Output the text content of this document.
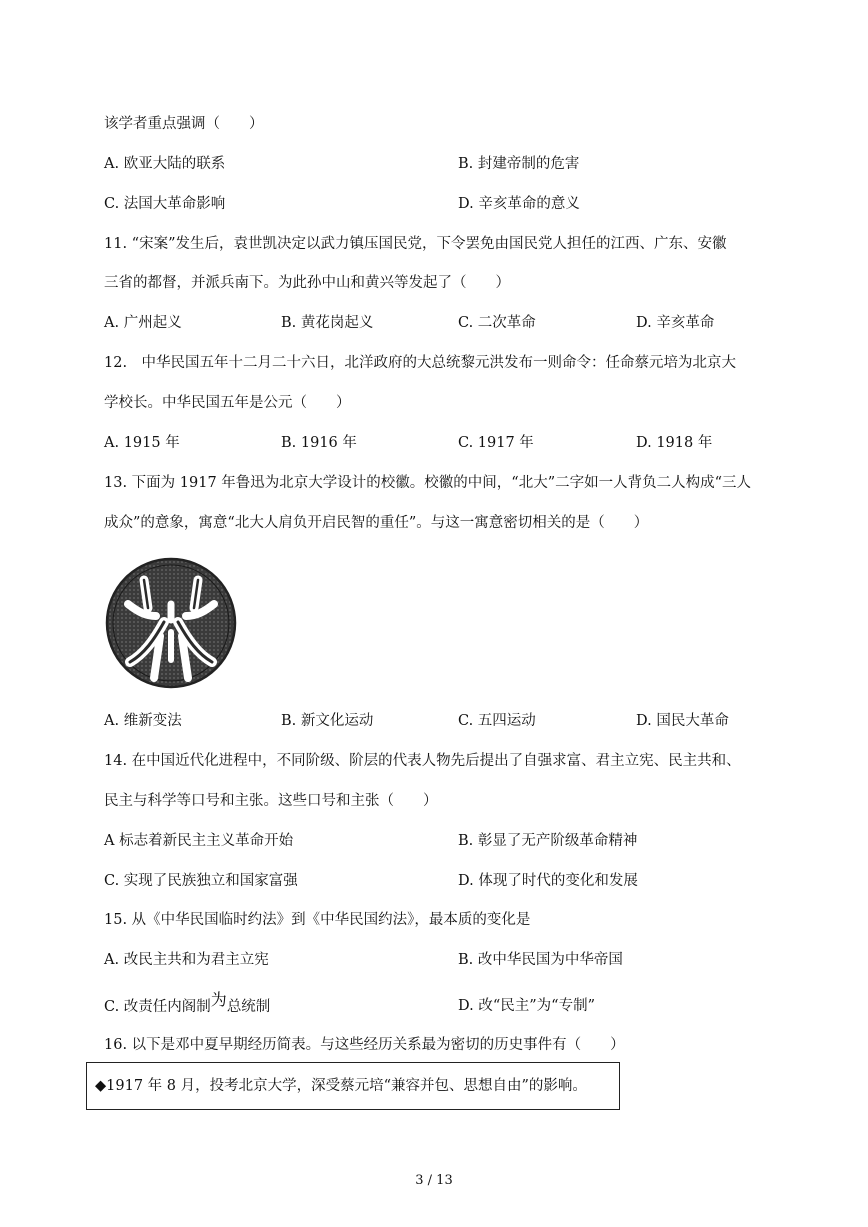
该学者重点强调（　　）
A. 欧亚大陆的联系	B. 封建帝制的危害
C. 法国大革命影响	D. 辛亥革命的意义
11. “宋案”发生后，袁世凯决定以武力镇压国民党，下令罢免由国民党人担任的江西、广东、安徽
三省的都督，并派兵南下。为此孙中山和黄兴等发起了（　　）
A. 广州起义	B. 黄花岗起义	C. 二次革命	D. 辛亥革命
12.　中华民国五年十二月二十六日，北洋政府的大总统黎元洪发布一则命令：任命蔡元培为北京大
学校长。中华民国五年是公元（　　）
A. 1915 年	B. 1916 年	C. 1917 年	D. 1918 年
13. 下面为 1917 年鲁迅为北京大学设计的校徽。校徽的中间，“北大”二字如一人背负二人构成“三人
成众”的意象，寓意“北大人肩负开启民智的重任”。与这一寓意密切相关的是（　　）
A. 维新变法	B. 新文化运动	C. 五四运动	D. 国民大革命
14. 在中国近代化进程中，不同阶级、阶层的代表人物先后提出了自强求富、君主立宪、民主共和、
民主与科学等口号和主张。这些口号和主张（　　）
A 标志着新民主主义革命开始	B. 彰显了无产阶级革命精神
C. 实现了民族独立和国家富强	D. 体现了时代的变化和发展
15. 从《中华民国临时约法》到《中华民国约法》，最本质的变化是
A. 改民主共和为君主立宪	B. 改中华民国为中华帝国
C. 改责任内阁制为总统制	D. 改“民主”为“专制”
16. 以下是邓中夏早期经历简表。与这些经历关系最为密切的历史事件有（　　）
◆1917 年 8 月，投考北京大学，深受蔡元培“兼容并包、思想自由”的影响。
3 / 13
